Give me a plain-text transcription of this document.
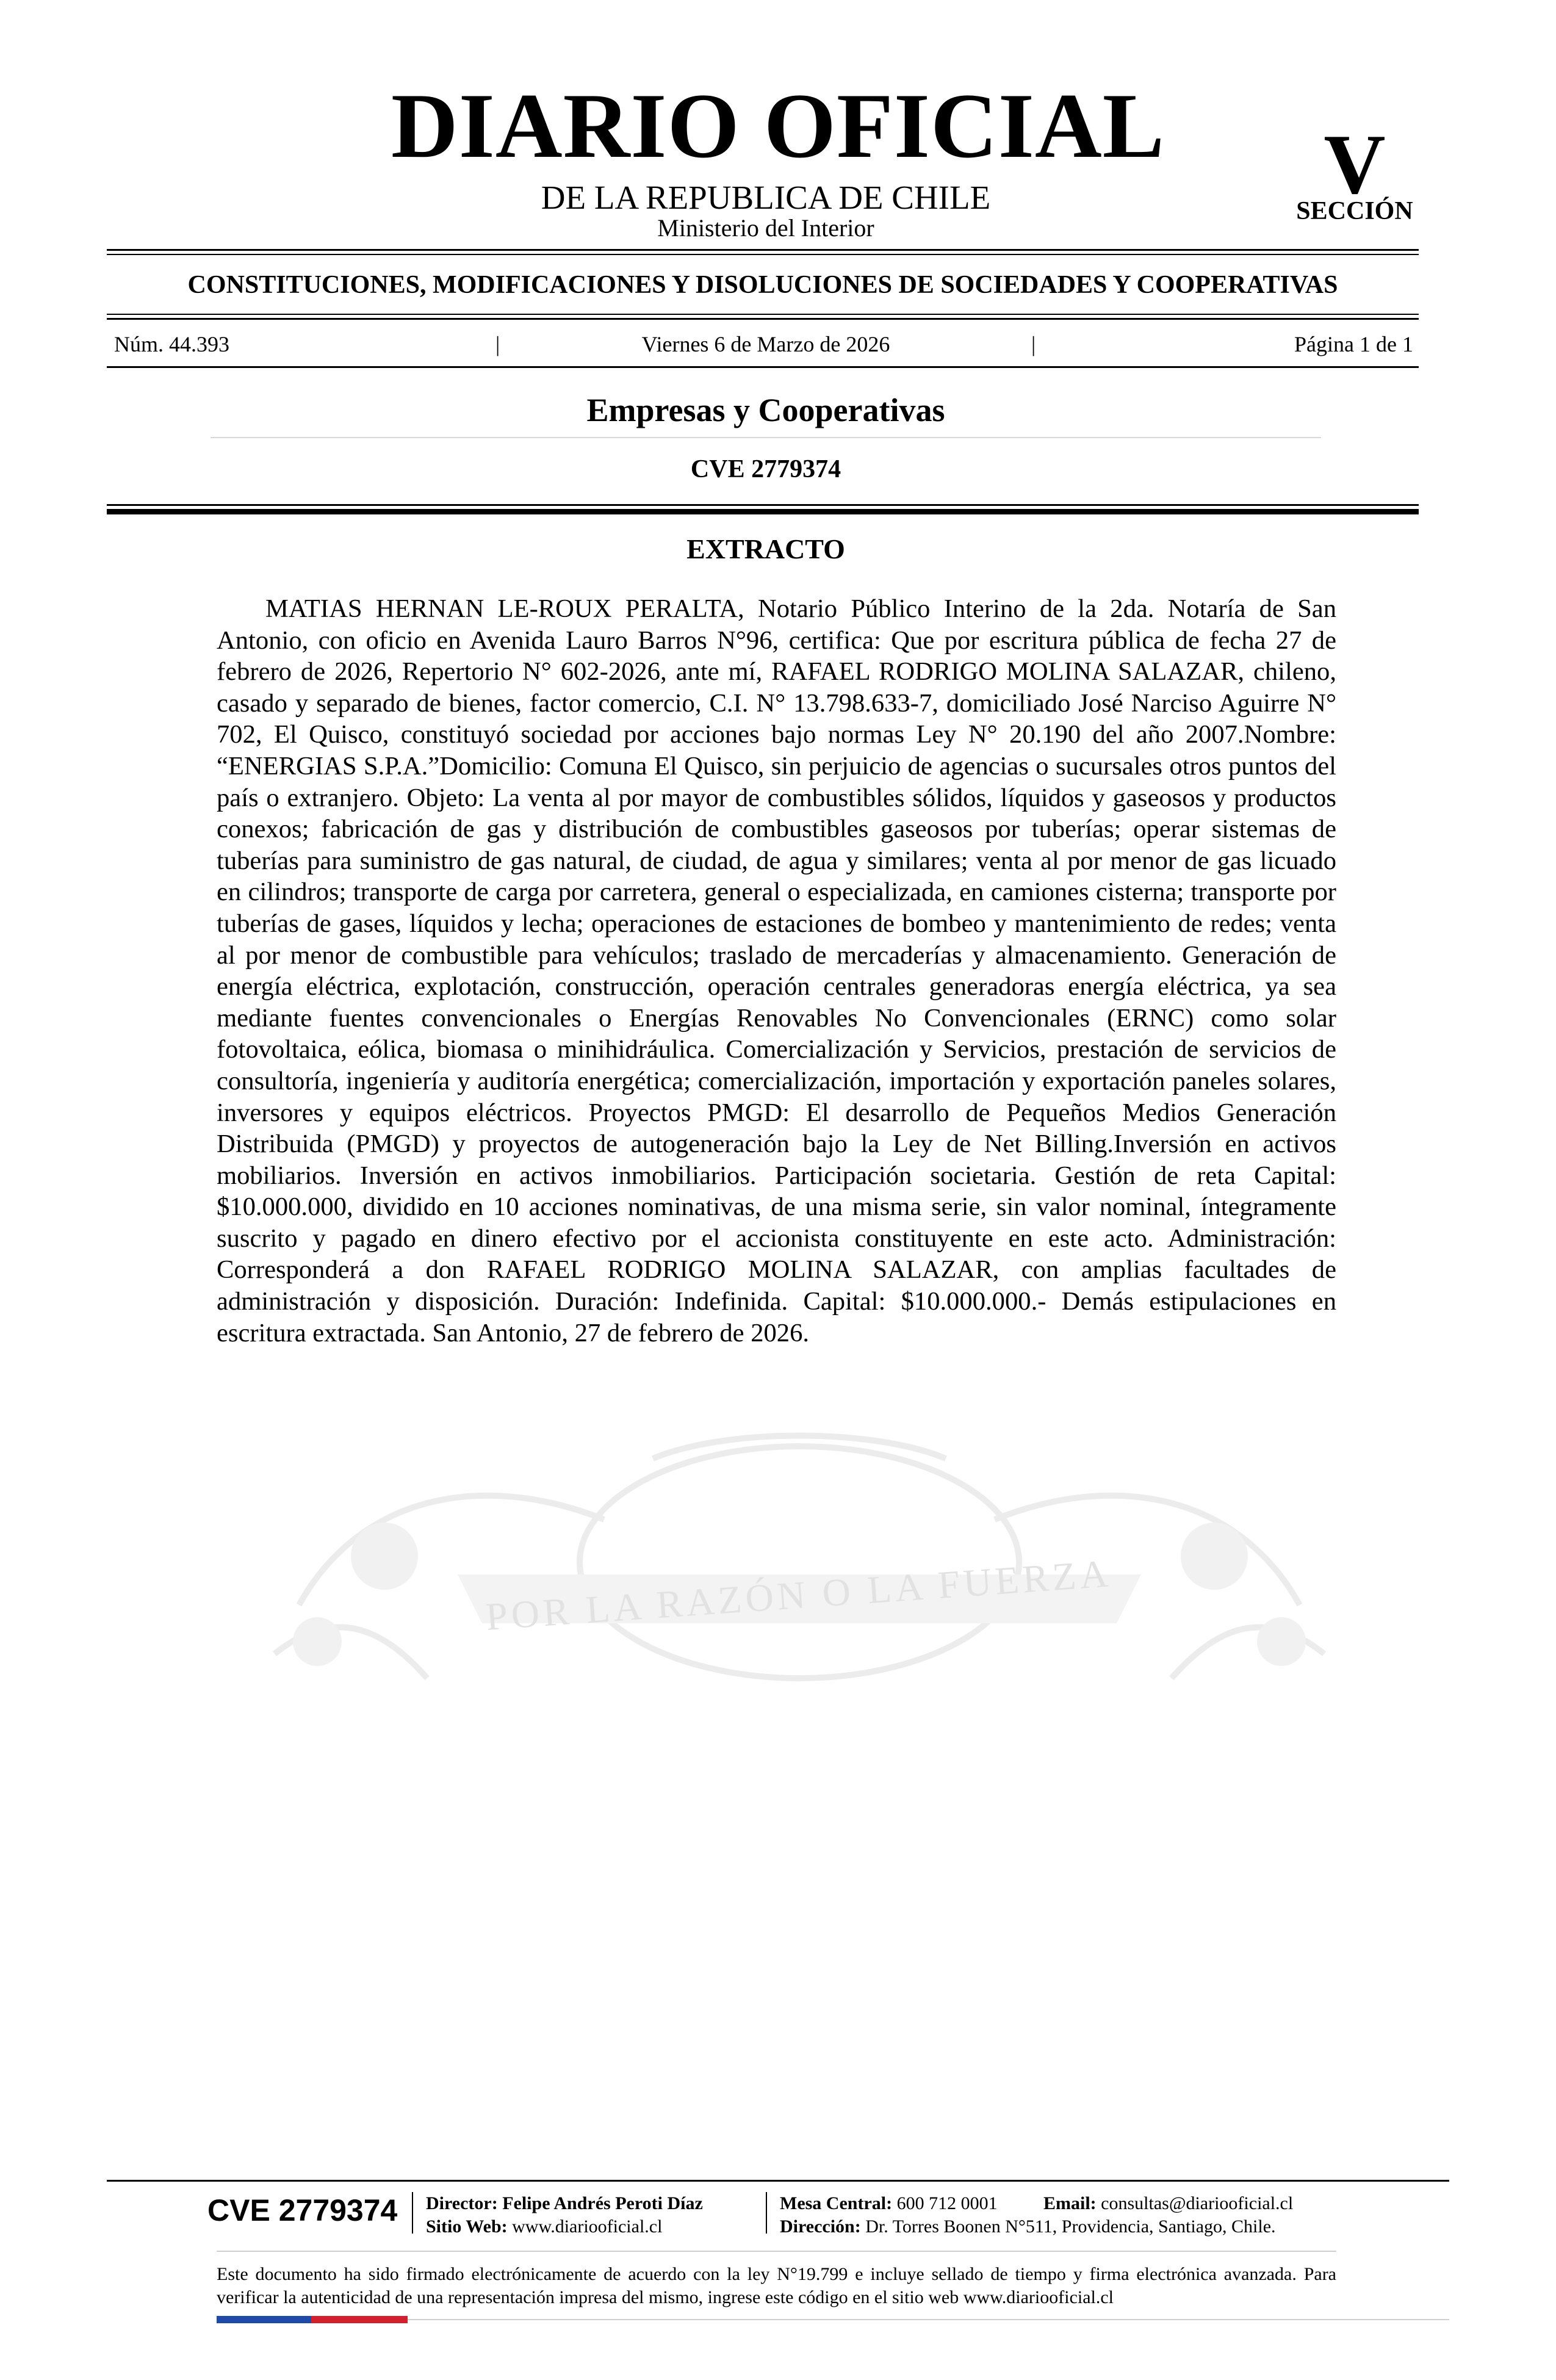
POR LA RAZÓN O LA FUERZA
DIARIO OFICIAL
DE LA REPUBLICA DE CHILE
Ministerio del Interior
V
SECCIÓN
CONSTITUCIONES, MODIFICACIONES Y DISOLUCIONES DE SOCIEDADES Y COOPERATIVAS
Núm. 44.393	|	Viernes 6 de Marzo de 2026	|	Página 1 de 1
Empresas y Cooperativas
CVE 2779374
EXTRACTO

MATIAS HERNAN LE-ROUX PERALTA, Notario Público Interino de la 2da. Notaría de San Antonio, con oficio en Avenida Lauro Barros N°96, certifica: Que por escritura pública de fecha 27 de febrero de 2026, Repertorio N° 602-2026, ante mí, RAFAEL RODRIGO MOLINA SALAZAR, chileno, casado y separado de bienes, factor comercio, C.I. N° 13.798.633-7, domiciliado José Narciso Aguirre N° 702, El Quisco, constituyó sociedad por acciones bajo normas Ley N° 20.190 del año 2007.Nombre: “ENERGIAS S.P.A.”Domicilio: Comuna El Quisco, sin perjuicio de agencias o sucursales otros puntos del país o extranjero. Objeto: La venta al por mayor de combustibles sólidos, líquidos y gaseosos y productos conexos; fabricación de gas y distribución de combustibles gaseosos por tuberías; operar sistemas de tuberías para suministro de gas natural, de ciudad, de agua y similares; venta al por menor de gas licuado en cilindros; transporte de carga por carretera, general o especializada, en camiones cisterna; transporte por tuberías de gases, líquidos y lecha; operaciones de estaciones de bombeo y mantenimiento de redes; venta al por menor de combustible para vehículos; traslado de mercaderías y almacenamiento. Generación de energía eléctrica, explotación, construcción, operación centrales generadoras energía eléctrica, ya sea mediante fuentes convencionales o Energías Renovables No Convencionales (ERNC) como solar fotovoltaica, eólica, biomasa o minihidráulica. Comercialización y Servicios, prestación de servicios de consultoría, ingeniería y auditoría energética; comercialización, importación y exportación paneles solares, inversores y equipos eléctricos. Proyectos PMGD: El desarrollo de Pequeños Medios Generación Distribuida (PMGD) y proyectos de autogeneración bajo la Ley de Net Billing.Inversión en activos mobiliarios. Inversión en activos inmobiliarios. Participación societaria. Gestión de reta Capital: $10.000.000, dividido en 10 acciones nominativas, de una misma serie, sin valor nominal, íntegramente suscrito y pagado en dinero efectivo por el accionista constituyente en este acto. Administración: Corresponderá a don RAFAEL RODRIGO MOLINA SALAZAR, con amplias facultades de administración y disposición. Duración: Indefinida. Capital: $10.000.000.- Demás estipulaciones en escritura extractada. San Antonio, 27 de febrero de 2026.

CVE 2779374	Director: Felipe Andrés Peroti Díaz
Sitio Web: www.diariooficial.cl
Mesa Central: 600 712 0001	Email: consultas@diariooficial.cl
Dirección: Dr. Torres Boonen N°511, Providencia, Santiago, Chile.

Este documento ha sido firmado electrónicamente de acuerdo con la ley N°19.799 e incluye sellado de tiempo y firma electrónica avanzada. Para verificar la autenticidad de una representación impresa del mismo, ingrese este código en el sitio web www.diariooficial.cl
